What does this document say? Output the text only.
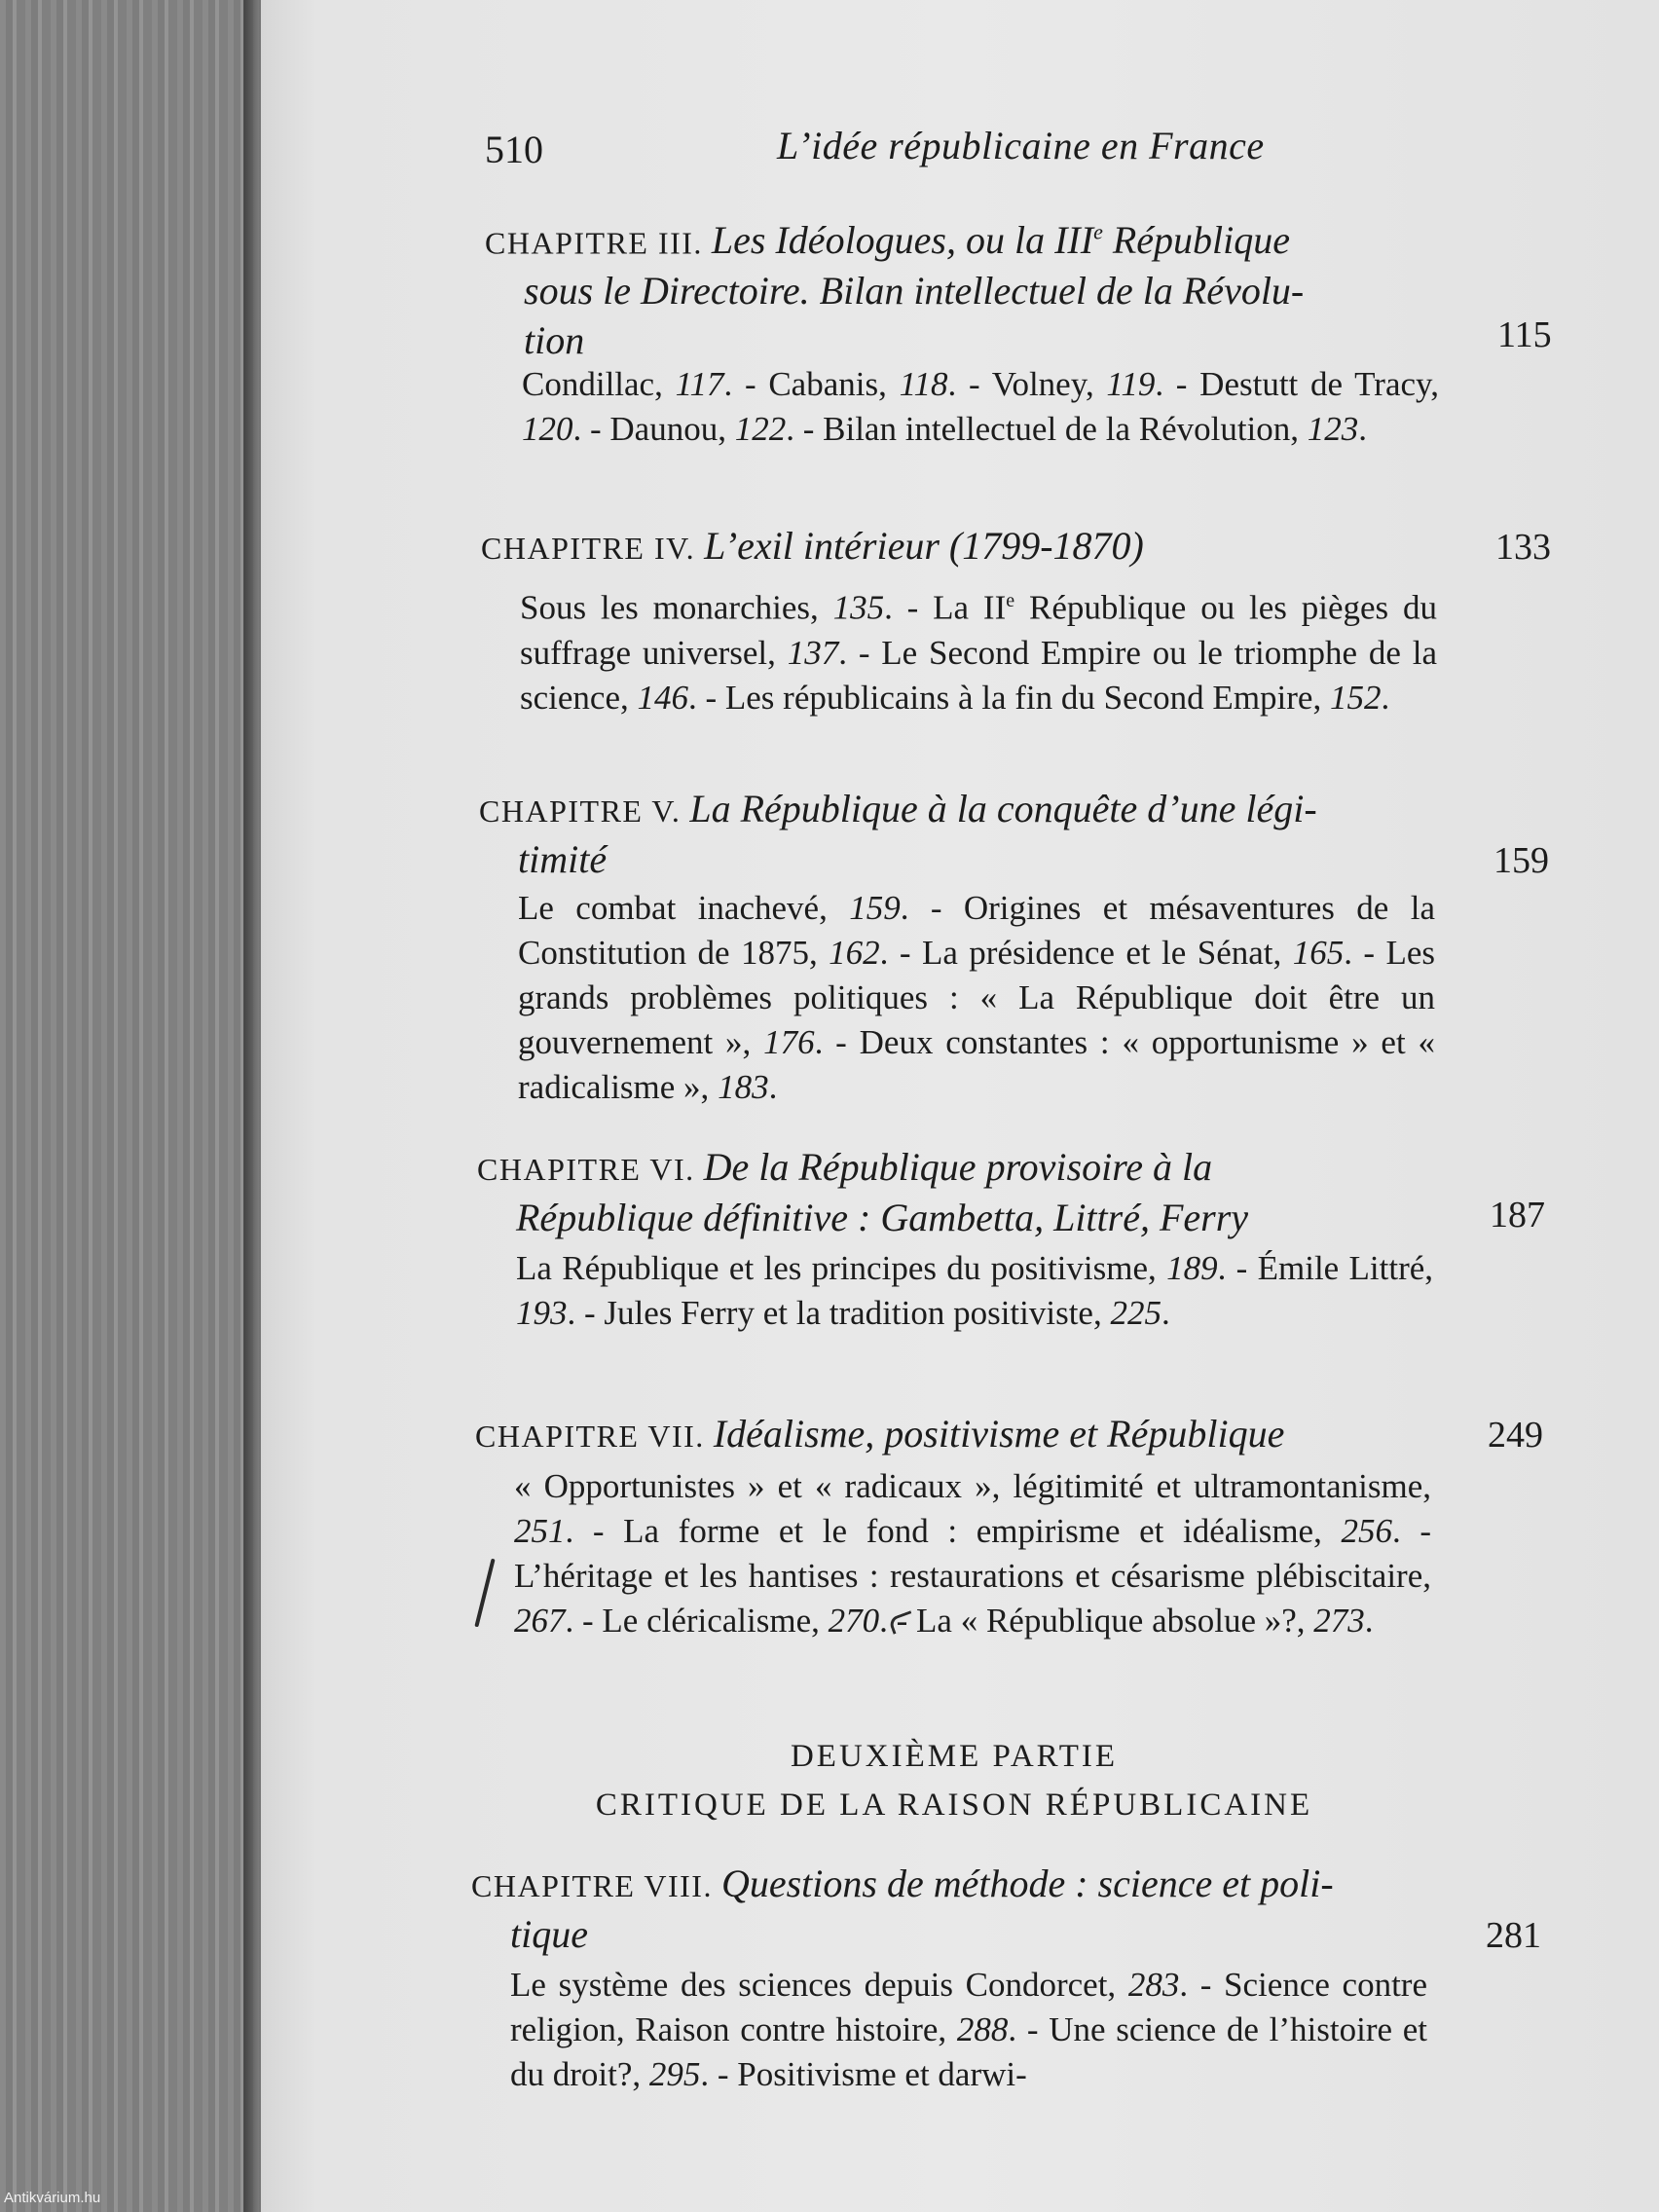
Antikvárium.hu
510	L’idée républicaine en France
CHAPITRE III. Les Idéologues, ou la IIIe République
sous le Directoire. Bilan intellectuel de la Révolu-
tion	115
Condillac, 117. - Cabanis, 118. - Volney, 119. - Destutt de Tracy, 120. - Daunou, 122. - Bilan intellectuel de la Révolution, 123.
CHAPITRE IV. L’exil intérieur (1799-1870)	133
Sous les monarchies, 135. - La IIe République ou les pièges du suffrage universel, 137. - Le Second Empire ou le triomphe de la science, 146. - Les républicains à la fin du Second Empire, 152.
CHAPITRE V. La République à la conquête d’une légi-
timité	159
Le combat inachevé, 159. - Origines et mésaventures de la Constitution de 1875, 162. - La présidence et le Sénat, 165. - Les grands problèmes politiques : « La République doit être un gouvernement », 176. - Deux constantes : « opportunisme » et « radicalisme », 183.
CHAPITRE VI. De la République provisoire à la
République définitive : Gambetta, Littré, Ferry	187
La République et les principes du positivisme, 189. - Émile Littré, 193. - Jules Ferry et la tradition positiviste, 225.
CHAPITRE VII. Idéalisme, positivisme et République	249
« Opportunistes » et « radicaux », légitimité et ultramontanisme, 251. - La forme et le fond : empirisme et idéalisme, 256. - L’héritage et les hantises : restaurations et césarisme plébiscitaire, 267. - Le cléricalisme, 270. - La « République absolue »?, 273.
DEUXIÈME PARTIE
CRITIQUE DE LA RAISON RÉPUBLICAINE
CHAPITRE VIII. Questions de méthode : science et poli-
tique	281
Le système des sciences depuis Condorcet, 283. - Science contre religion, Raison contre histoire, 288. - Une science de l’histoire et du droit?, 295. - Positivisme et darwi-
